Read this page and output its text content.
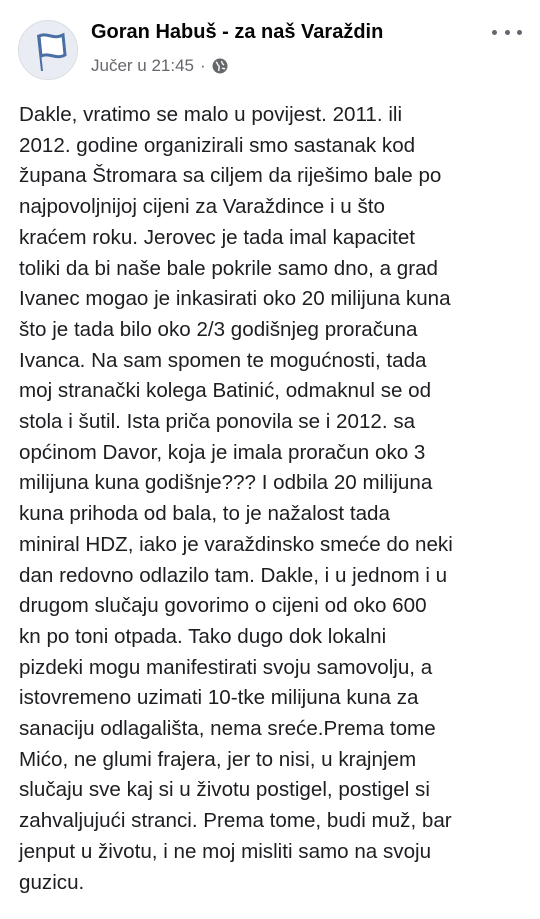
Goran Habuš - za naš Varaždin
Jučer u 21:45 ·
Dakle, vratimo se malo u povijest. 2011. ili
2012. godine organizirali smo sastanak kod
župana Štromara sa ciljem da riješimo bale po
najpovoljnijoj cijeni za Varaždince i u što
kraćem roku. Jerovec je tada imal kapacitet
toliki da bi naše bale pokrile samo dno, a grad
Ivanec mogao je inkasirati oko 20 milijuna kuna
što je tada bilo oko 2/3 godišnjeg proračuna
Ivanca. Na sam spomen te mogućnosti, tada
moj stranački kolega Batinić, odmaknul se od
stola i šutil. Ista priča ponovila se i 2012. sa
općinom Davor, koja je imala proračun oko 3
milijuna kuna godišnje??? I odbila 20 milijuna
kuna prihoda od bala, to je nažalost tada
miniral HDZ, iako je varaždinsko smeće do neki
dan redovno odlazilo tam. Dakle, i u jednom i u
drugom slučaju govorimo o cijeni od oko 600
kn po toni otpada. Tako dugo dok lokalni
pizdeki mogu manifestirati svoju samovolju, a
istovremeno uzimati 10-tke milijuna kuna za
sanaciju odlagališta, nema sreće.Prema tome
Mićo, ne glumi frajera, jer to nisi, u krajnjem
slučaju sve kaj si u životu postigel, postigel si
zahvaljujući stranci. Prema tome, budi muž, bar
jenput u životu, i ne moj misliti samo na svoju
guzicu.
